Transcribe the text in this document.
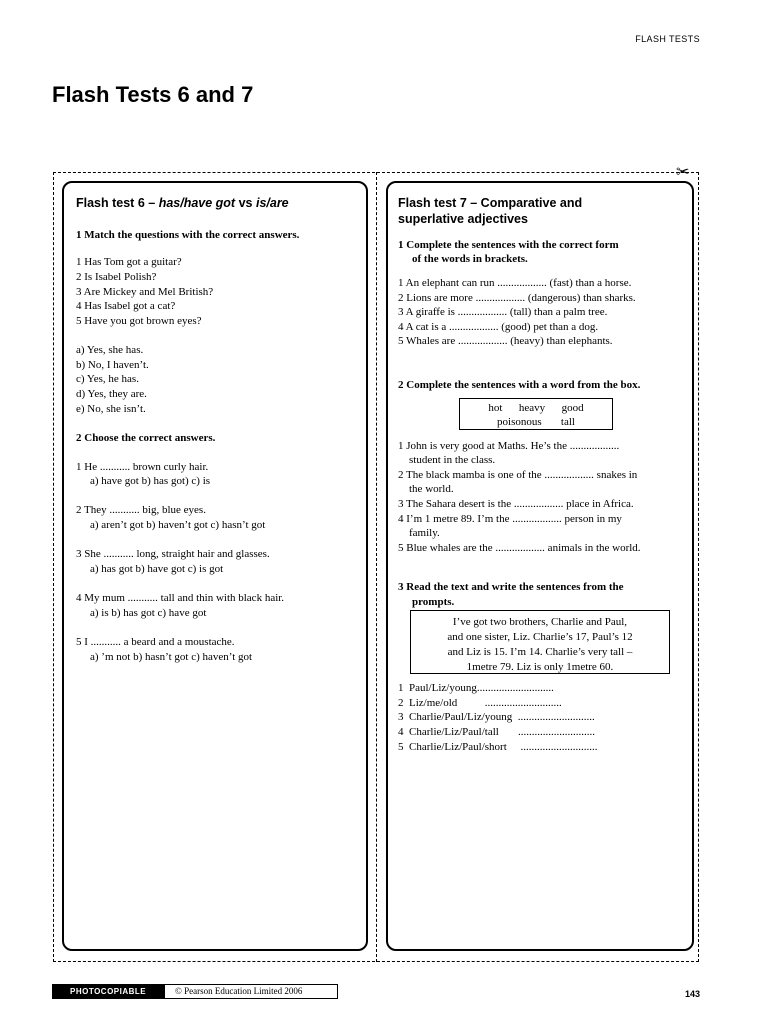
FLASH TESTS
Flash Tests 6 and 7
✂
Flash test 6 – has/have got vs is/are
1 Match the questions with the correct answers.
1 Has Tom got a guitar?
2 Is Isabel Polish?
3 Are Mickey and Mel British?
4 Has Isabel got a cat?
5 Have you got brown eyes?
a) Yes, she has.
b) No, I haven’t.
c) Yes, he has.
d) Yes, they are.
e) No, she isn’t.
2 Choose the correct answers.
1 He ........... brown curly hair.
a) have got b) has got) c) is
2 They ........... big, blue eyes.
a) aren’t got b) haven’t got c) hasn’t got
3 She ........... long, straight hair and glasses.
a) has got b) have got c) is got
4 My mum ........... tall and thin with black hair.
a) is b) has got c) have got
5 I ........... a beard and a moustache.
a) ’m not b) hasn’t got c) haven’t got
Flash test 7 – Comparative and
superlative adjectives
1 Complete the sentences with the correct form
of the words in brackets.
1 An elephant can run .................. (fast) than a horse.
2 Lions are more .................. (dangerous) than sharks.
3 A giraffe is .................. (tall) than a palm tree.
4 A cat is a .................. (good) pet than a dog.
5 Whales are .................. (heavy) than elephants.
2 Complete the sentences with a word from the box.
hot      heavy      good
poisonous       tall
1 John is very good at Maths. He’s the ..................
student in the class.
2 The black mamba is one of the .................. snakes in
the world.
3 The Sahara desert is the .................. place in Africa.
4 I’m 1 metre 89. I’m the .................. person in my
family.
5 Blue whales are the .................. animals in the world.
3 Read the text and write the sentences from the
prompts.
I’ve got two brothers, Charlie and Paul,
and one sister, Liz. Charlie’s 17, Paul’s 12
and Liz is 15. I’m 14. Charlie’s very tall –
1metre 79. Liz is only 1metre 60.
1  Paul/Liz/young............................
2  Liz/me/old          ............................
3  Charlie/Paul/Liz/young  ............................
4  Charlie/Liz/Paul/tall       ............................
5  Charlie/Liz/Paul/short     ............................
PHOTOCOPIABLE	© Pearson Education Limited 2006	143
